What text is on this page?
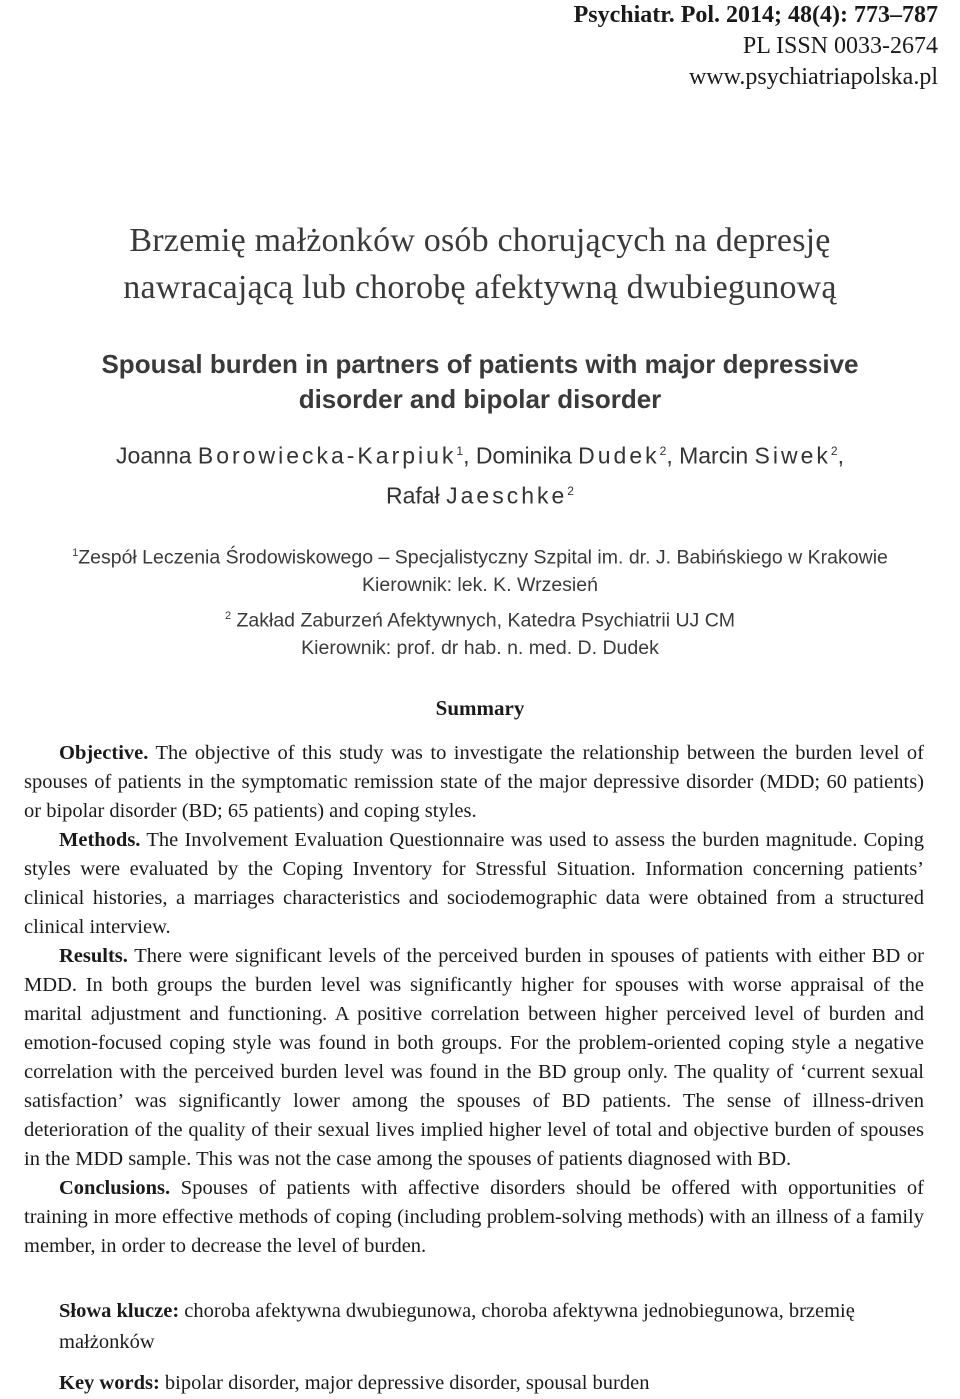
Psychiatr. Pol. 2014; 48(4): 773–787
PL ISSN 0033-2674
www.psychiatriapolska.pl
Brzemię małżonków osób chorujących na depresję
nawracającą lub chorobę afektywną dwubiegunową
Spousal burden in partners of patients with major depressive
disorder and bipolar disorder
Joanna Borowiecka-Karpiuk$^1$, Dominika Dudek$^2$, Marcin Siwek$^2$,
Rafał Jaeschke$^2$
$^1$Zespół Leczenia Środowiskowego – Specjalistyczny Szpital im. dr. J. Babińskiego w Krakowie
Kierownik: lek. K. Wrzesień
$^2$ Zakład Zaburzeń Afektywnych, Katedra Psychiatrii UJ CM
Kierownik: prof. dr hab. n. med. D. Dudek
Summary

Objective. The objective of this study was to investigate the relationship between the burden level of spouses of patients in the symptomatic remission state of the major depressive disorder (MDD; 60 patients) or bipolar disorder (BD; 65 patients) and coping styles.

Methods. The Involvement Evaluation Questionnaire was used to assess the burden magnitude. Coping styles were evaluated by the Coping Inventory for Stressful Situation. Information concerning patients’ clinical histories, a marriages characteristics and sociodemographic data were obtained from a structured clinical interview.

Results. There were significant levels of the perceived burden in spouses of patients with either BD or MDD. In both groups the burden level was significantly higher for spouses with worse appraisal of the marital adjustment and functioning. A positive correlation between higher perceived level of burden and emotion-focused coping style was found in both groups. For the problem-oriented coping style a negative correlation with the perceived burden level was found in the BD group only. The quality of ‘current sexual satisfaction’ was significantly lower among the spouses of BD patients. The sense of illness-driven deterioration of the quality of their sexual lives implied higher level of total and objective burden of spouses in the MDD sample. This was not the case among the spouses of patients diagnosed with BD.

Conclusions. Spouses of patients with affective disorders should be offered with opportunities of training in more effective methods of coping (including problem-solving methods) with an illness of a family member, in order to decrease the level of burden.

Słowa klucze: choroba afektywna dwubiegunowa, choroba afektywna jednobiegunowa, brzemię małżonków
Key words: bipolar disorder, major depressive disorder, spousal burden
